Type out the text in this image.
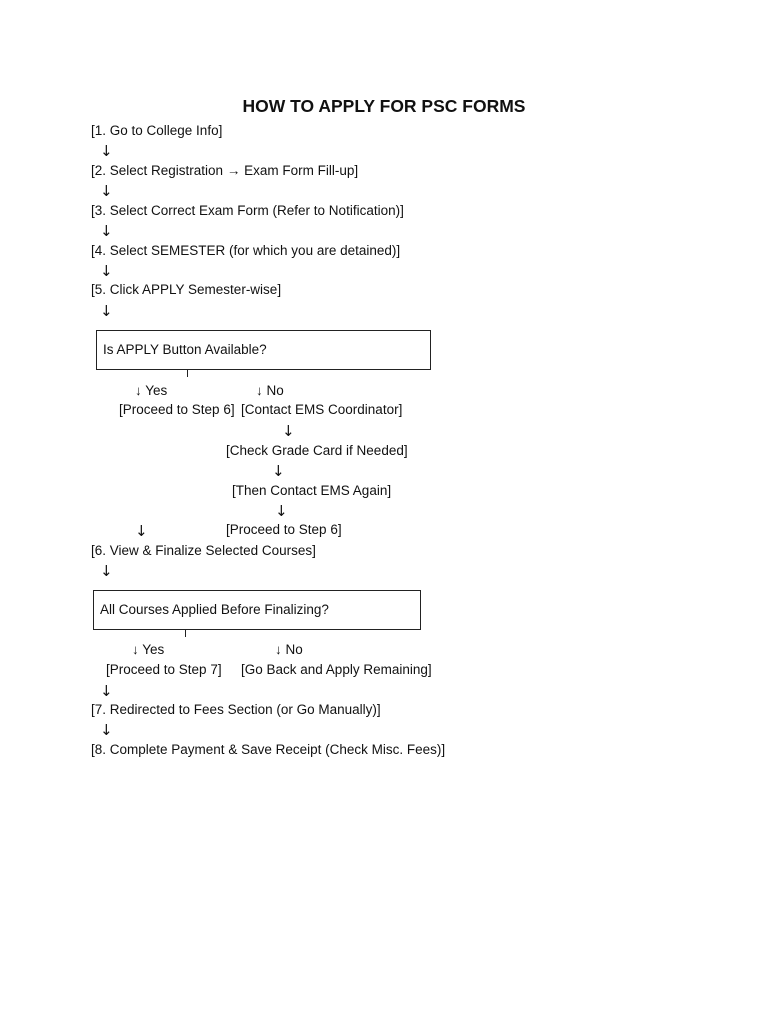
HOW TO APPLY FOR PSC FORMS
[1. Go to College Info]
↓
[2. Select Registration → Exam Form Fill-up]
↓
[3. Select Correct Exam Form (Refer to Notification)]
↓
[4. Select SEMESTER (for which you are detained)]
↓
[5. Click APPLY Semester-wise]
↓
Is APPLY Button Available?
↓ Yes	↓ No
[Proceed to Step 6] [Contact EMS Coordinator]
↓
[Check Grade Card if Needed]
↓
[Then Contact EMS Again]
↓
↓	[Proceed to Step 6]
[6. View & Finalize Selected Courses]
↓
All Courses Applied Before Finalizing?
↓ Yes	↓ No
[Proceed to Step 7] [Go Back and Apply Remaining]
↓
[7. Redirected to Fees Section (or Go Manually)]
↓
[8. Complete Payment & Save Receipt (Check Misc. Fees)]
